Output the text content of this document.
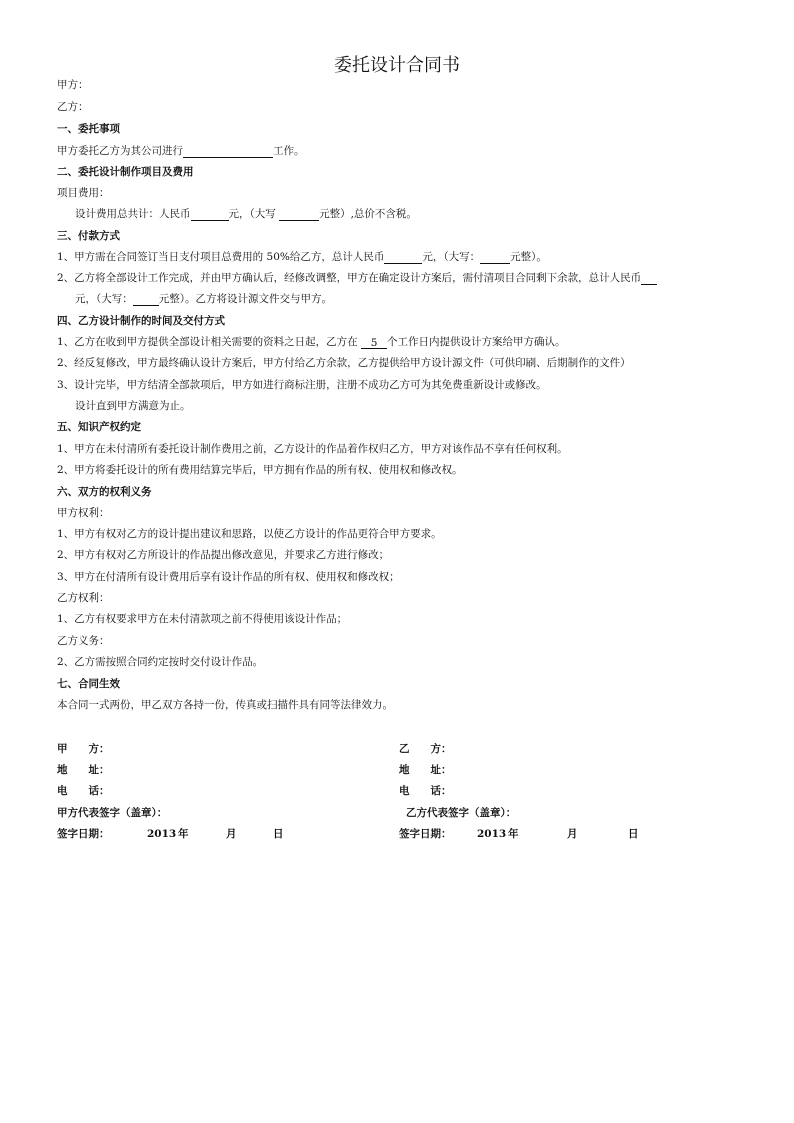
委托设计合同书
甲方：
乙方：
一、委托事项
甲方委托乙方为其公司进行	工作。
二、委托设计制作项目及费用
项目费用：
设计费用总共计：人民币	元，（大写	元整）,总价不含税。
三、付款方式
1、甲方需在合同签订当日支付项目总费用的 50%给乙方，总计人民币	元，（大写：	元整）。
2、乙方将全部设计工作完成，并由甲方确认后，经修改调整，甲方在确定设计方案后，需付清项目合同剩下余款，总计人民币
元，（大写： 元整）。乙方将设计源文件交与甲方。
四、乙方设计制作的时间及交付方式
1、乙方在收到甲方提供全部设计相关需要的资料之日起，乙方在 5 个工作日内提供设计方案给甲方确认。
2、经反复修改，甲方最终确认设计方案后，甲方付给乙方余款，乙方提供给甲方设计源文件（可供印刷、后期制作的文件）
3、设计完毕，甲方结清全部款项后，甲方如进行商标注册，注册不成功乙方可为其免费重新设计或修改。
设计直到甲方满意为止。
五、知识产权约定
1、甲方在未付清所有委托设计制作费用之前，乙方设计的作品着作权归乙方，甲方对该作品不享有任何权利。
2、甲方将委托设计的所有费用结算完毕后，甲方拥有作品的所有权、使用权和修改权。
六、双方的权利义务
甲方权利：
1、甲方有权对乙方的设计提出建议和思路，以使乙方设计的作品更符合甲方要求。
2、甲方有权对乙方所设计的作品提出修改意见，并要求乙方进行修改；
3、甲方在付清所有设计费用后享有设计作品的所有权、使用权和修改权；
乙方权利：
1、乙方有权要求甲方在未付清款项之前不得使用该设计作品；
乙方义务：
2、乙方需按照合同约定按时交付设计作品。
七、合同生效
本合同一式两份，甲乙双方各持一份，传真或扫描件具有同等法律效力。
甲　　方：
地　　址：
电　　话：
甲方代表签字（盖章）：
签字日期：	2013 年	月	日
乙　　方：
地　　址：
电　　话：
乙方代表签字（盖章）：
签字日期： 2013 年	月	日
